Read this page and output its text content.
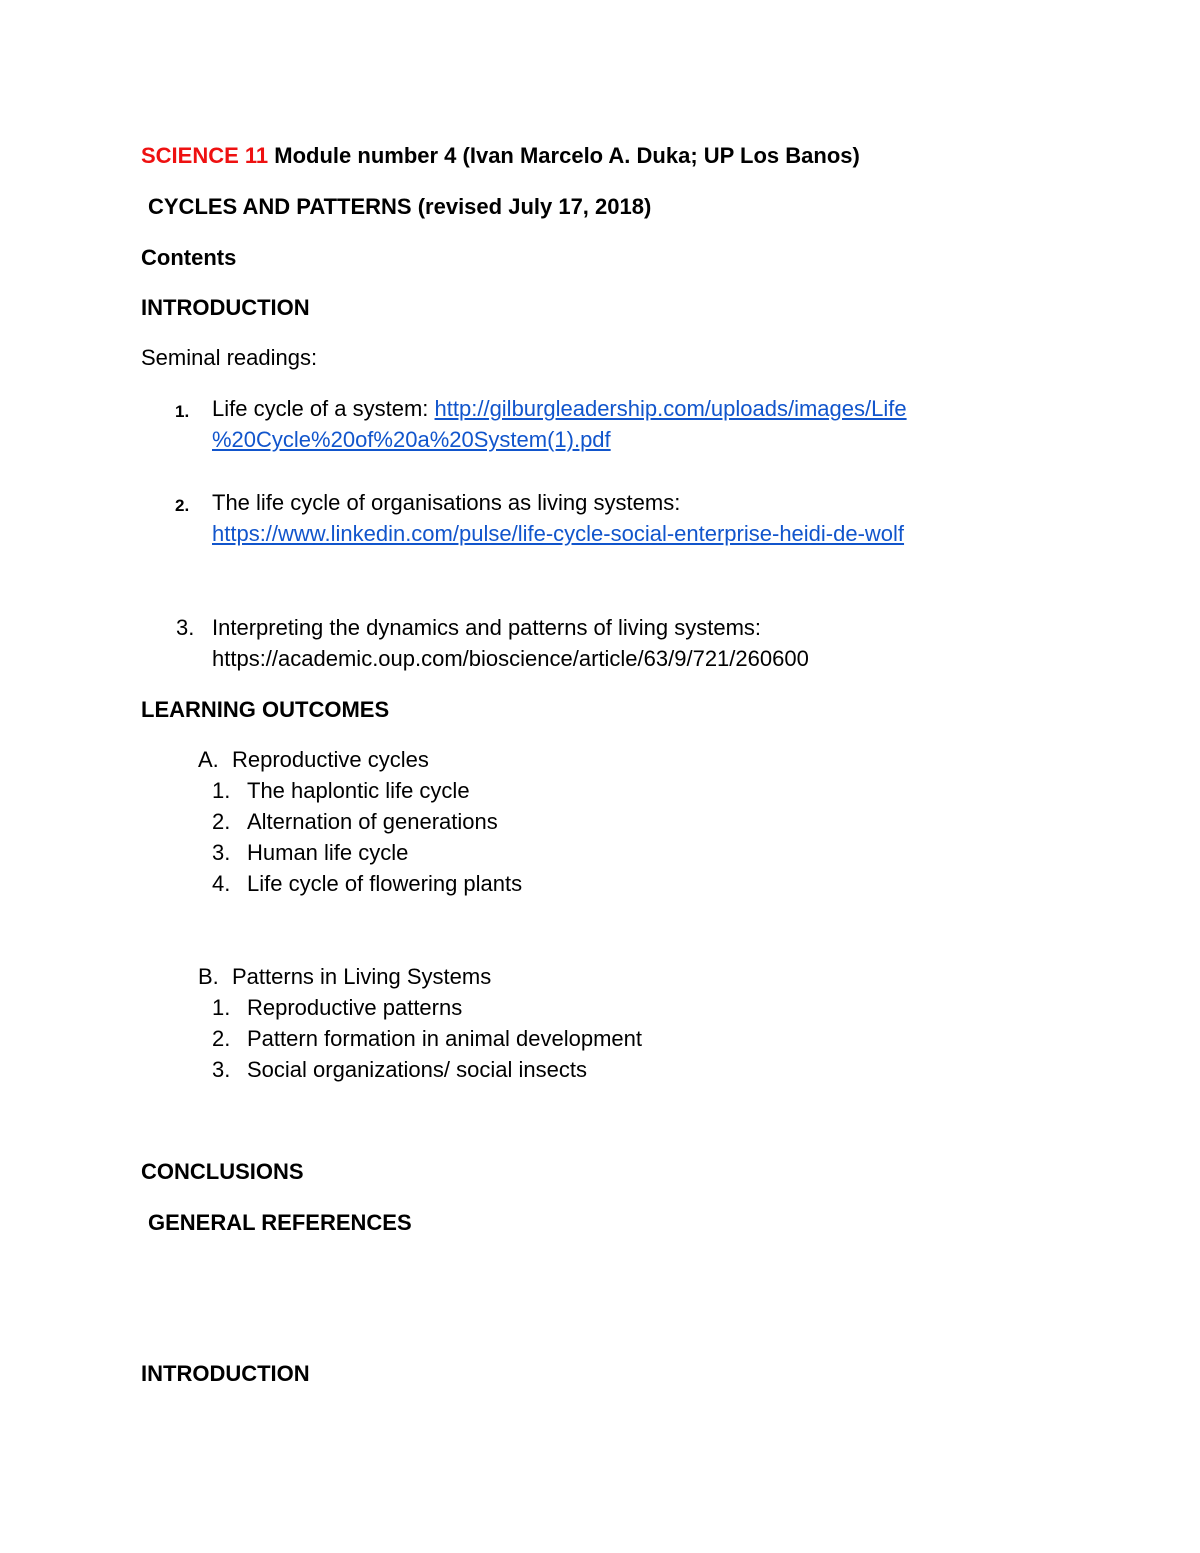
SCIENCE 11 Module number 4 (Ivan Marcelo A. Duka; UP Los Banos)
CYCLES AND PATTERNS (revised July 17, 2018)
Contents
INTRODUCTION
Seminal readings:
1. Life cycle of a system: http://gilburgleadership.com/uploads/images/Life
%20Cycle%20of%20a%20System(1).pdf
2. The life cycle of organisations as living systems:
https://www.linkedin.com/pulse/life-cycle-social-enterprise-heidi-de-wolf
3. Interpreting the dynamics and patterns of living systems:
https://academic.oup.com/bioscience/article/63/9/721/260600
LEARNING OUTCOMES
A. Reproductive cycles
1. The haplontic life cycle
2. Alternation of generations
3. Human life cycle
4. Life cycle of flowering plants
B. Patterns in Living Systems
1. Reproductive patterns
2. Pattern formation in animal development
3. Social organizations/ social insects
CONCLUSIONS
GENERAL REFERENCES
INTRODUCTION
